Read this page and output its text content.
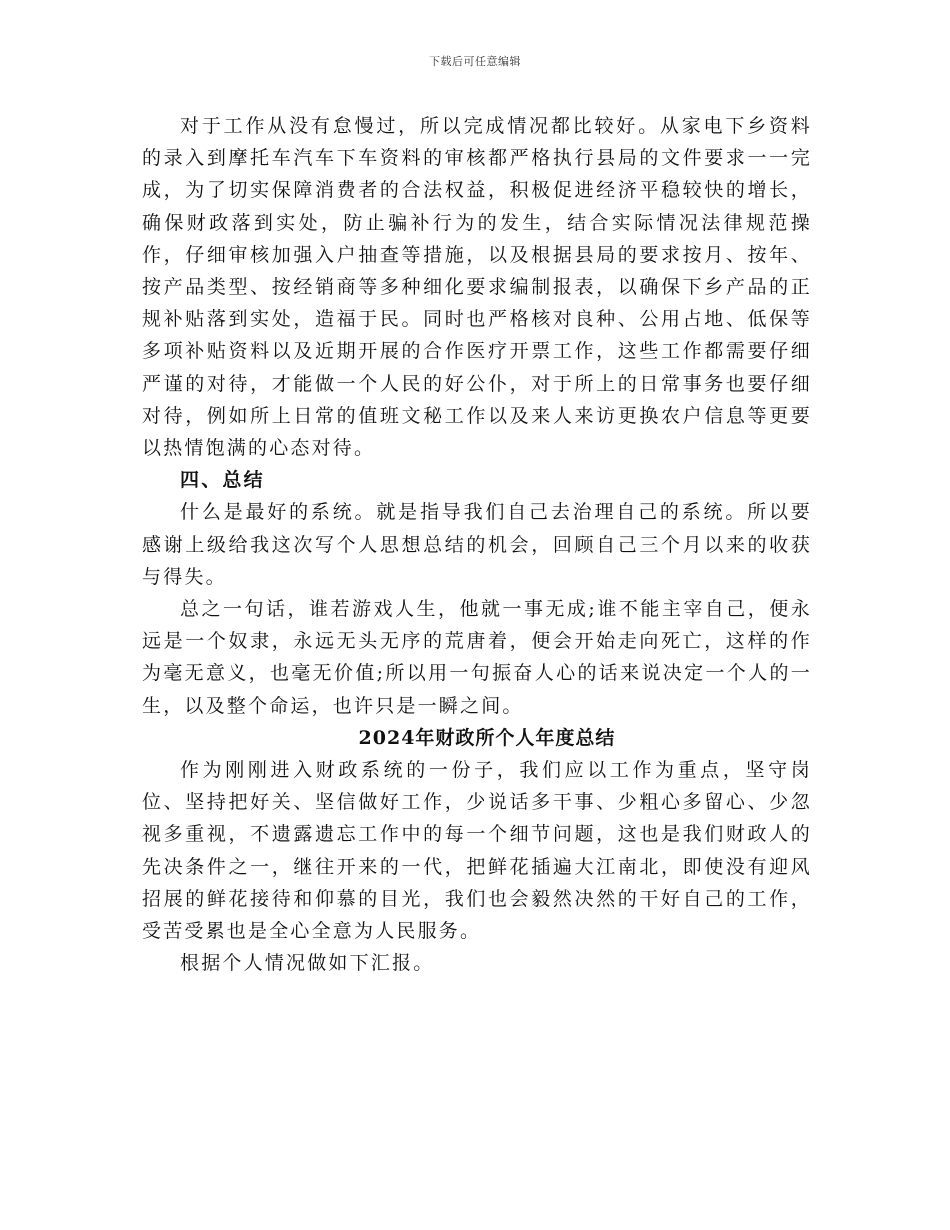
下载后可任意编辑

对于工作从没有怠慢过，所以完成情况都比较好。从家电下乡资料的录入到摩托车汽车下车资料的审核都严格执行县局的文件要求一一完成，为了切实保障消费者的合法权益，积极促进经济平稳较快的增长，确保财政落到实处，防止骗补行为的发生，结合实际情况法律规范操作，仔细审核加强入户抽查等措施，以及根据县局的要求按月、按年、按产品类型、按经销商等多种细化要求编制报表，以确保下乡产品的正规补贴落到实处，造福于民。同时也严格核对良种、公用占地、低保等多项补贴资料以及近期开展的合作医疗开票工作，这些工作都需要仔细严谨的对待，才能做一个人民的好公仆，对于所上的日常事务也要仔细对待，例如所上日常的值班文秘工作以及来人来访更换农户信息等更要以热情饱满的心态对待。

四、总结

什么是最好的系统。就是指导我们自己去治理自己的系统。所以要感谢上级给我这次写个人思想总结的机会，回顾自己三个月以来的收获与得失。

总之一句话，谁若游戏人生，他就一事无成;谁不能主宰自己，便永远是一个奴隶，永远无头无序的荒唐着，便会开始走向死亡，这样的作为毫无意义，也毫无价值;所以用一句振奋人心的话来说决定一个人的一生，以及整个命运，也许只是一瞬之间。

2024年财政所个人年度总结

作为刚刚进入财政系统的一份子，我们应以工作为重点，坚守岗位、坚持把好关、坚信做好工作，少说话多干事、少粗心多留心、少忽视多重视，不遗露遗忘工作中的每一个细节问题，这也是我们财政人的先决条件之一，继往开来的一代，把鲜花插遍大江南北，即使没有迎风招展的鲜花接待和仰慕的目光，我们也会毅然决然的干好自己的工作，受苦受累也是全心全意为人民服务。

根据个人情况做如下汇报。
